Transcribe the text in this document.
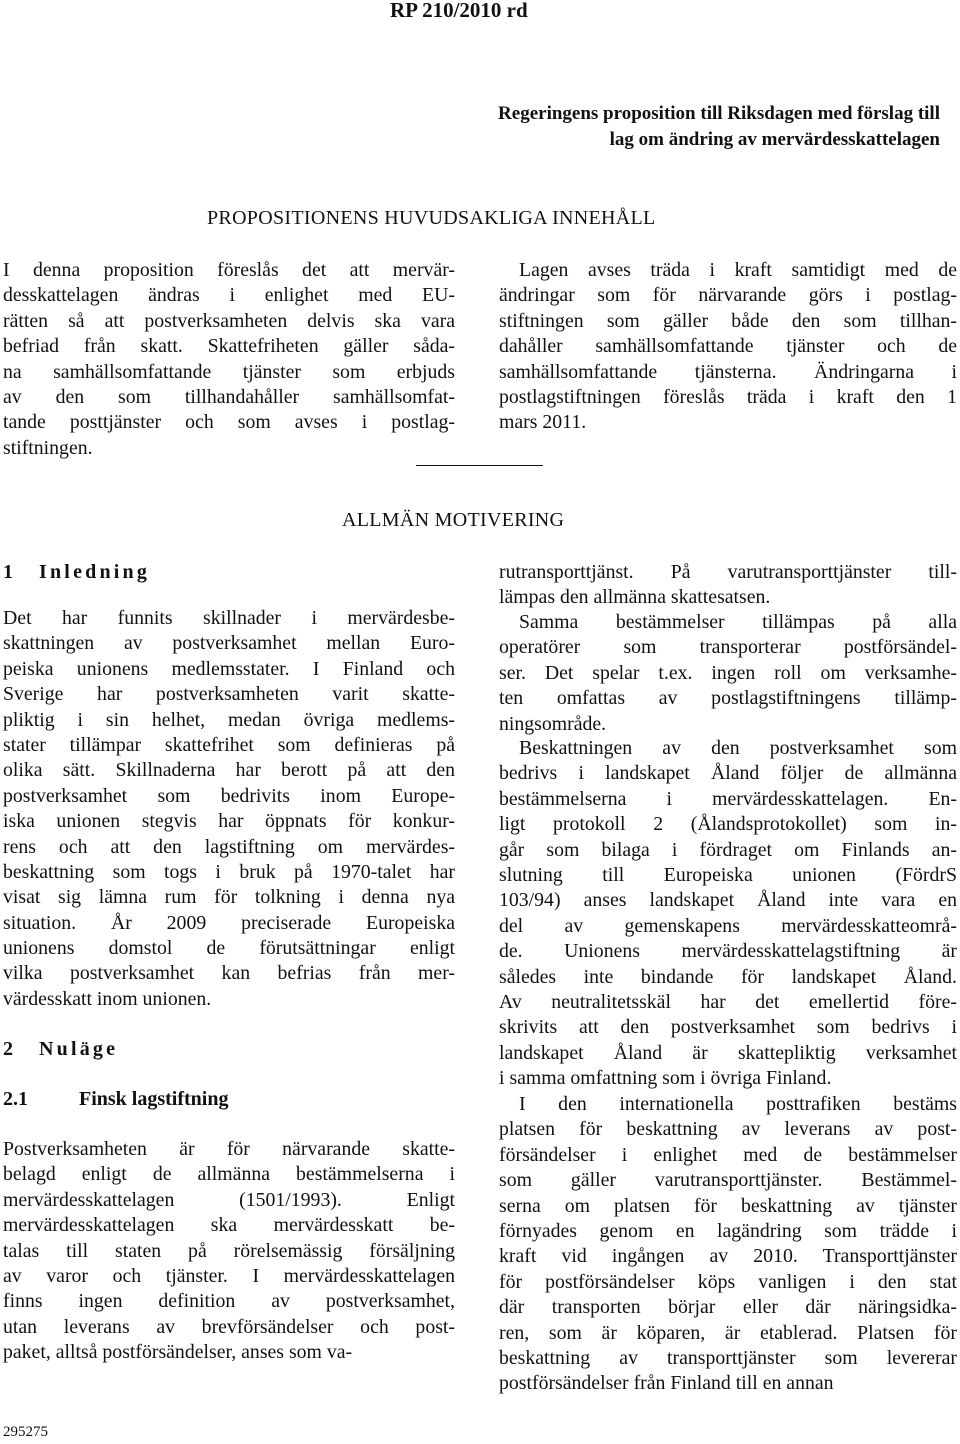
RP 210/2010 rd
Regeringens proposition till Riksdagen med förslag till
lag om ändring av mervärdesskattelagen
PROPOSITIONENS HUVUDSAKLIGA INNEHÅLL
I denna proposition föreslås det att mervär-
desskattelagen ändras i enlighet med EU-
rätten så att postverksamheten delvis ska vara
befriad från skatt. Skattefriheten gäller såda-
na samhällsomfattande tjänster som erbjuds
av den som tillhandahåller samhällsomfat-
tande posttjänster och som avses i postlag-
stiftningen.
Lagen avses träda i kraft samtidigt med de
ändringar som för närvarande görs i postlag-
stiftningen som gäller både den som tillhan-
dahåller samhällsomfattande tjänster och de
samhällsomfattande tjänsterna. Ändringarna i
postlagstiftningen föreslås träda i kraft den 1
mars 2011.
ALLMÄN MOTIVERING
1 Inledning
Det har funnits skillnader i mervärdesbe-
skattningen av postverksamhet mellan Euro-
peiska unionens medlemsstater. I Finland och
Sverige har postverksamheten varit skatte-
pliktig i sin helhet, medan övriga medlems-
stater tillämpar skattefrihet som definieras på
olika sätt. Skillnaderna har berott på att den
postverksamhet som bedrivits inom Europe-
iska unionen stegvis har öppnats för konkur-
rens och att den lagstiftning om mervärdes-
beskattning som togs i bruk på 1970-talet har
visat sig lämna rum för tolkning i denna nya
situation. År 2009 preciserade Europeiska
unionens domstol de förutsättningar enligt
vilka postverksamhet kan befrias från mer-
värdesskatt inom unionen.
2 Nuläge
2.1	Finsk lagstiftning
Postverksamheten är för närvarande skatte-
belagd enligt de allmänna bestämmelserna i
mervärdesskattelagen (1501/1993). Enligt
mervärdesskattelagen ska mervärdesskatt be-
talas till staten på rörelsemässig försäljning
av varor och tjänster. I mervärdesskattelagen
finns ingen definition av postverksamhet,
utan leverans av brevförsändelser och post-
paket, alltså postförsändelser, anses som va-
rutransporttjänst. På varutransporttjänster till-
lämpas den allmänna skattesatsen.
Samma bestämmelser tillämpas på alla
operatörer som transporterar postförsändel-
ser. Det spelar t.ex. ingen roll om verksamhe-
ten omfattas av postlagstiftningens tillämp-
ningsområde.
Beskattningen av den postverksamhet som
bedrivs i landskapet Åland följer de allmänna
bestämmelserna i mervärdesskattelagen. En-
ligt protokoll 2 (Ålandsprotokollet) som in-
går som bilaga i fördraget om Finlands an-
slutning till Europeiska unionen (FördrS
103/94) anses landskapet Åland inte vara en
del av gemenskapens mervärdesskatteområ-
de. Unionens mervärdesskattelagstiftning är
således inte bindande för landskapet Åland.
Av neutralitetsskäl har det emellertid före-
skrivits att den postverksamhet som bedrivs i
landskapet Åland är skattepliktig verksamhet
i samma omfattning som i övriga Finland.
I den internationella posttrafiken bestäms
platsen för beskattning av leverans av post-
försändelser i enlighet med de bestämmelser
som gäller varutransporttjänster. Bestämmel-
serna om platsen för beskattning av tjänster
förnyades genom en lagändring som trädde i
kraft vid ingången av 2010. Transporttjänster
för postförsändelser köps vanligen i den stat
där transporten börjar eller där näringsidka-
ren, som är köparen, är etablerad. Platsen för
beskattning av transporttjänster som levererar
postförsändelser från Finland till en annan
295275
